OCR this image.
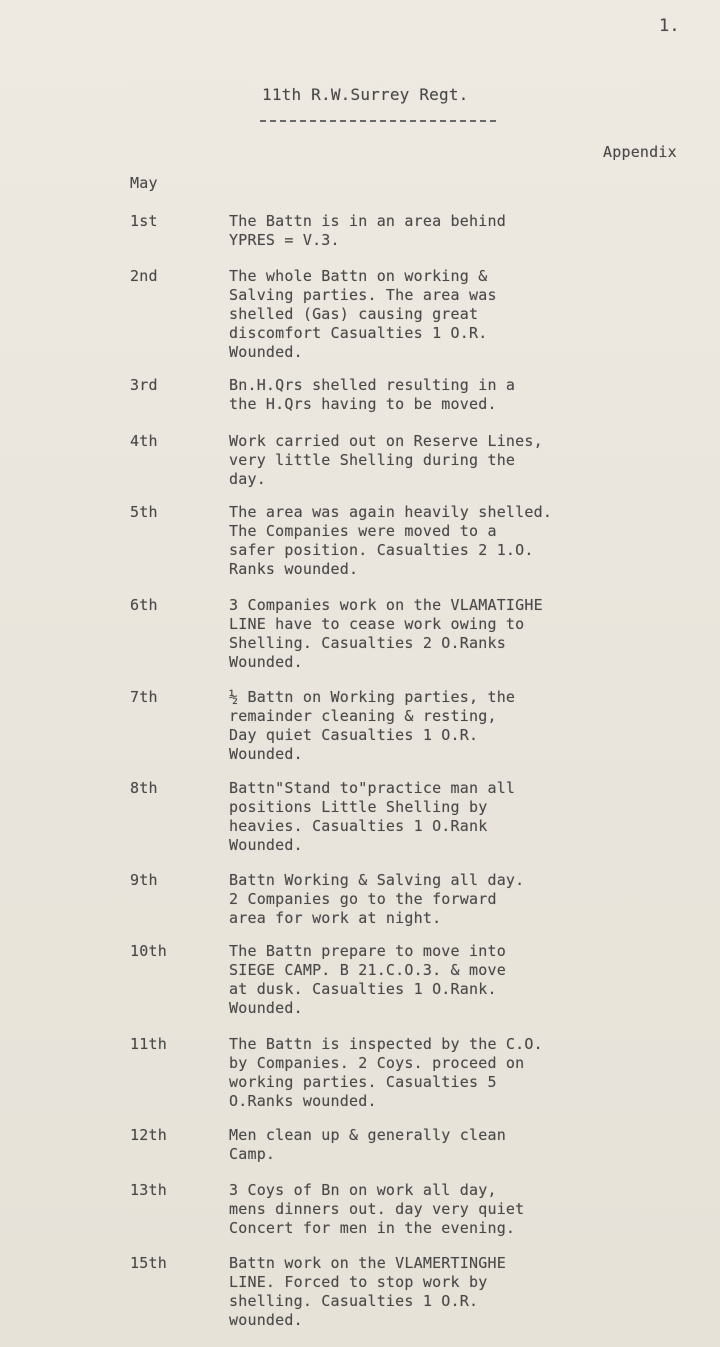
1.
11th R.W.Surrey Regt.
Appendix
May
1st	The Battn is in an area behind
YPRES = V.3.
2nd	The whole Battn on working &
Salving parties. The area was
shelled (Gas) causing great
discomfort Casualties 1 O.R.
Wounded.
3rd	Bn.H.Qrs shelled resulting in a
the H.Qrs having to be moved.
4th	Work carried out on Reserve Lines,
very little Shelling during the
day.
5th	The area was again heavily shelled.
The Companies were moved to a
safer position. Casualties 2 1.O.
Ranks wounded.
6th	3 Companies work on the VLAMATIGHE
LINE have to cease work owing to
Shelling. Casualties 2 O.Ranks
Wounded.
7th	½ Battn on Working parties, the
remainder cleaning & resting,
Day quiet Casualties 1 O.R.
Wounded.
8th	Battn"Stand to"practice man all
positions Little Shelling by
heavies. Casualties 1 O.Rank
Wounded.
9th	Battn Working & Salving all day.
2 Companies go to the forward
area for work at night.
10th	The Battn prepare to move into
SIEGE CAMP. B 21.C.O.3. & move
at dusk. Casualties 1 O.Rank.
Wounded.
11th	The Battn is inspected by the C.O.
by Companies. 2 Coys. proceed on
working parties. Casualties 5
O.Ranks wounded.
12th	Men clean up & generally clean
Camp.
13th	3 Coys of Bn on work all day,
mens dinners out. day very quiet
Concert for men in the evening.
15th	Battn work on the VLAMERTINGHE
LINE. Forced to stop work by
shelling. Casualties 1 O.R.
wounded.
